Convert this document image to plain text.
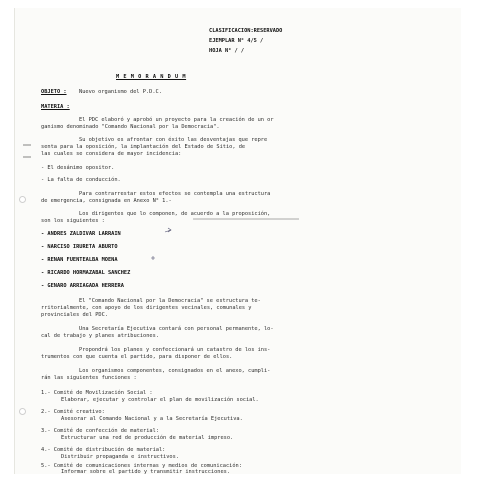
CLASIFICACION:RESERVADO
EJEMPLAR N° 4/5 /
HOJA N° / /
M E M O R A N D U M
OBJETO : Nuevo organismo del P.D.C.
MATERIA :
El PDC elaboró y aprobó un proyecto para la creación de un or
ganismo denominado "Comando Nacional por la Democracia".
Su objetivo es afrontar con éxito las desventajas que repre
senta para la oposición, la implantación del Estado de Sitio, de
las cuales se considera de mayor incidencia:
- El desánimo opositor.
- La falta de conducción.
Para contrarrestar estos efectos se contempla una estructura
de emergencia, consignada en Anexo N° 1.-
Los dirigentes que lo componen, de acuerdo a la proposición,
son los siguientes :
- ANDRES ZALDIVAR LARRAIN
- NARCISO IRURETA ABURTO
- RENAN FUENTEALBA MOENA
- RICARDO HORMAZABAL SANCHEZ
- GENARO ARRIAGADA HERRERA
El "Comando Nacional por la Democracia" se estructura te-
rritorialmente, con apoyo de los dirigentes vecinales, comunales y
provinciales del PDC.
Una Secretaría Ejecutiva contará con personal permanente, lo-
cal de trabajo y planes atribuciones.
Propondrá los planes y confeccionará un catastro de los ins-
trumentos con que cuenta el partido, para disponer de ellos.
Los organismos componentes, consignados en el anexo, cumpli-
rán las siguientes funciones :
1.- Comité de Movilización Social :
Elaborar, ejecutar y controlar el plan de movilización social.
2.- Comité creativo:
Asesorar al Comando Nacional y a la Secretaría Ejecutiva.
3.- Comité de confección de material:
Estructurar una red de producción de material impreso.
4.- Comité de distribución de material:
Distribuir propaganda e instructivos.
5.- Comité de comunicaciones internas y medios de comunicación:
Informar sobre el partido y transmitir instrucciones.
